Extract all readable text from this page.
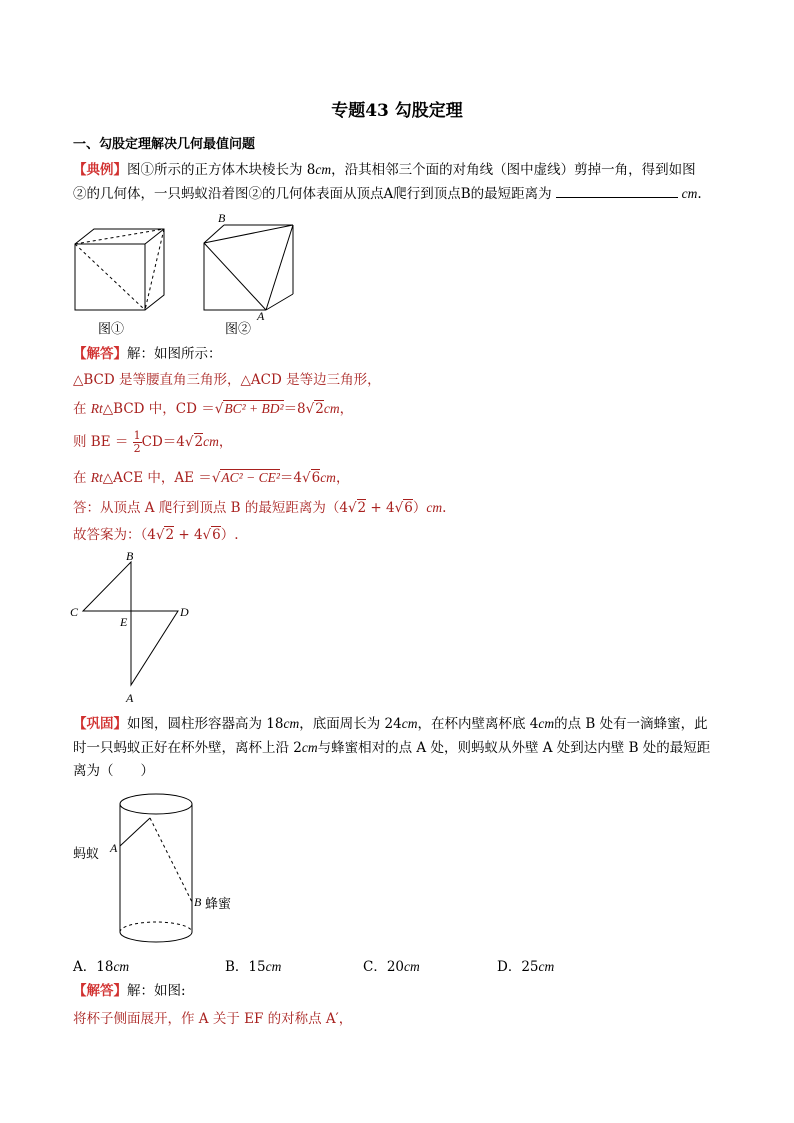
专题43 勾股定理
一、勾股定理解决几何最值问题
【典例】图①所示的正方体木块棱长为 8cm，沿其相邻三个面的对角线（图中虚线）剪掉一角，得到如图
②的几何体，一只蚂蚁沿着图②的几何体表面从顶点A爬行到顶点B的最短距离为	cm.
图①
B
A
图②
【解答】解：如图所示：
△BCD 是等腰直角三角形，△ACD 是等边三角形，
在 Rt△BCD 中，CD ＝√BC² + BD²＝8√2cm，
则 BE ＝ $\frac{1}{2} CD=4√2cm$，
在 Rt△ACE 中，AE ＝√AC² − CE²＝4√6cm，
答：从顶点 A 爬行到顶点 B 的最短距离为（4√2 + 4√6）cm.
故答案为：（4√2 + 4√6）.
B
C	D
E
A
【巩固】如图，圆柱形容器高为 18cm，底面周长为 24cm，在杯内壁离杯底 4cm的点 B 处有一滴蜂蜜，此
时一只蚂蚁正好在杯外壁，离杯上沿 2cm与蜂蜜相对的点 A 处，则蚂蚁从外壁 A 处到达内壁 B 处的最短距
离为（　　）
A
B
蚂蚁
蜂蜜
A．18cm	B．15cm	C．20cm	D．25cm
【解答】解：如图:
将杯子侧面展开，作 A 关于 EF 的对称点 A′，
